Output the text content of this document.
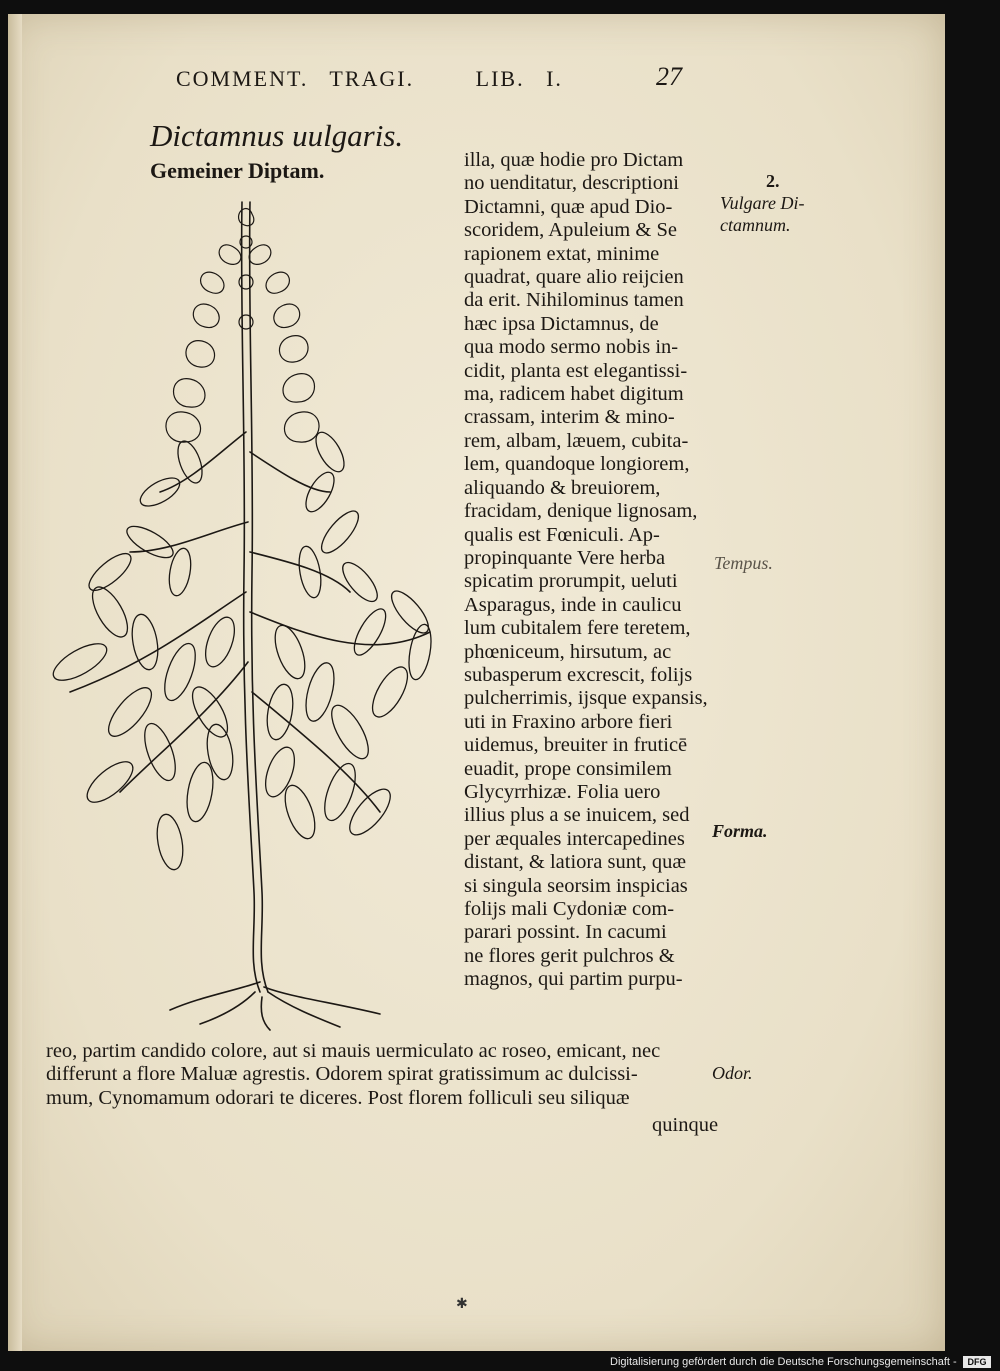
COMMENT. TRAGI.	LIB. I.	27
Dictamnus uulgaris.
Gemeiner Diptam.	illa, quæ hodie pro Dictam
no uenditatur, descriptioni
Dictamni, quæ apud Dio-
scoridem, Apuleium & Se
rapionem extat, minime
quadrat, quare alio reijcien
da erit. Nihilominus tamen
hæc ipsa Dictamnus, de
qua modo sermo nobis in-
cidit, planta est elegantissi-
ma, radicem habet digitum
crassam, interim & mino-
rem, albam, læuem, cubita-
lem, quandoque longiorem,
aliquando & breuiorem,
fracidam, denique lignosam,
qualis est Fœniculi. Ap-
propinquante Vere herba
spicatim prorumpit, ueluti
Asparagus, inde in caulicu
lum cubitalem fere teretem,
phœniceum, hirsutum, ac
subasperum excrescit, folijs
pulcherrimis, ijsque expansis,
uti in Fraxino arbore fieri
uidemus, breuiter in fruticē
euadit, prope consimilem
Glycyrrhizæ. Folia uero
illius plus a se inuicem, sed
per æquales intercapedines
distant, & latiora sunt, quæ
si singula seorsim inspicias
folijs mali Cydoniæ com-
parari possint. In cacumi
ne flores gerit pulchros &
magnos, qui partim purpu-
reo, partim candido colore, aut si mauis uermiculato ac roseo, emicant, nec
differunt a flore Maluæ agrestis. Odorem spirat gratissimum ac dulcissi-
mum, Cynomamum odorari te diceres. Post florem folliculi seu siliquæ
quinque
2.
Vulgare Di-
ctamnum.
Tempus.
Forma.
Odor.
✱
Digitalisierung gefördert durch die Deutsche Forschungsgemeinschaft -	DFG
